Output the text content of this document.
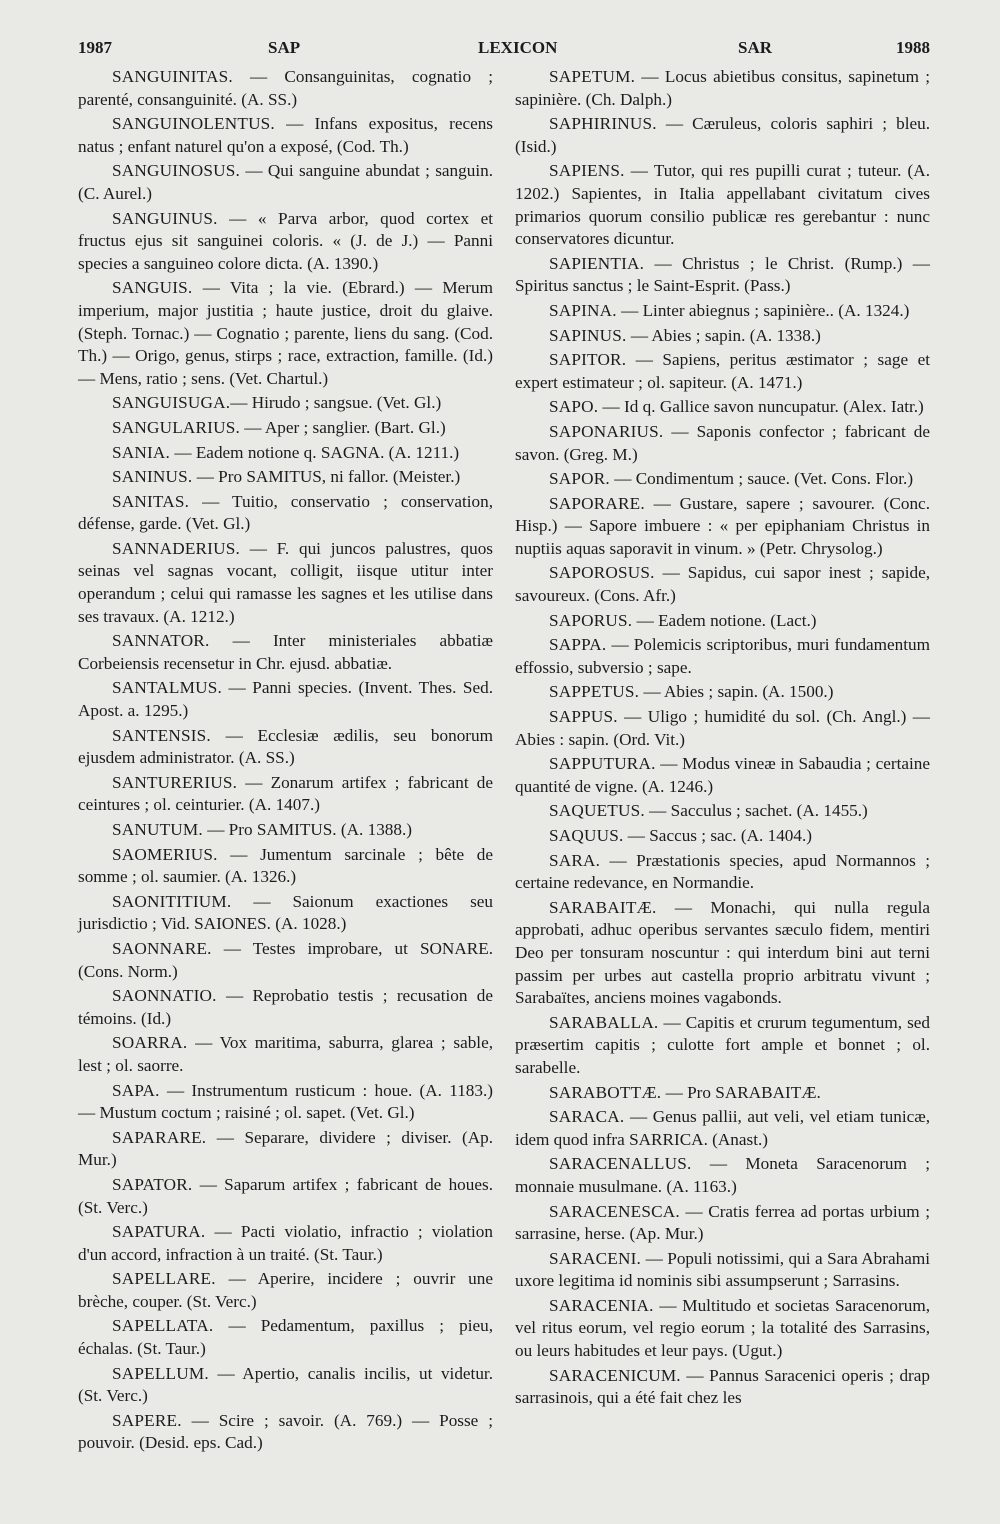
1987	SAP	LEXICON	SAR	1988

SANGUINITAS. — Consanguinitas, cognatio ; parenté, consanguinité. (A. SS.)

SANGUINOLENTUS. — Infans expositus, recens natus ; enfant naturel qu'on a exposé, (Cod. Th.)

SANGUINOSUS. — Qui sanguine abundat ; sanguin. (C. Aurel.)

SANGUINUS. — « Parva arbor, quod cortex et fructus ejus sit sanguinei coloris. « (J. de J.) — Panni species a sanguineo colore dicta. (A. 1390.)

SANGUIS. — Vita ; la vie. (Ebrard.) — Merum imperium, major justitia ; haute justice, droit du glaive. (Steph. Tornac.) — Cognatio ; parente, liens du sang. (Cod. Th.) — Origo, genus, stirps ; race, extraction, famille. (Id.) — Mens, ratio ; sens. (Vet. Chartul.)

SANGUISUGA.— Hirudo ; sangsue. (Vet. Gl.)

SANGULARIUS. — Aper ; sanglier. (Bart. Gl.)

SANIA. — Eadem notione q. SAGNA. (A. 1211.)

SANINUS. — Pro SAMITUS, ni fallor. (Meister.)

SANITAS. — Tuitio, conservatio ; conservation, défense, garde. (Vet. Gl.)

SANNADERIUS. — F. qui juncos palustres, quos seinas vel sagnas vocant, colligit, iisque utitur inter operandum ; celui qui ramasse les sagnes et les utilise dans ses travaux. (A. 1212.)

SANNATOR. — Inter ministeriales abbatiæ Corbeiensis recensetur in Chr. ejusd. abbatiæ.

SANTALMUS. — Panni species. (Invent. Thes. Sed. Apost. a. 1295.)

SANTENSIS. — Ecclesiæ ædilis, seu bonorum ejusdem administrator. (A. SS.)

SANTURERIUS. — Zonarum artifex ; fabricant de ceintures ; ol. ceinturier. (A. 1407.)

SANUTUM. — Pro SAMITUS. (A. 1388.)

SAOMERIUS. — Jumentum sarcinale ; bête de somme ; ol. saumier. (A. 1326.)

SAONITITIUM. — Saionum exactiones seu jurisdictio ; Vid. SAIONES. (A. 1028.)

SAONNARE. — Testes improbare, ut SONARE. (Cons. Norm.)

SAONNATIO. — Reprobatio testis ; recusation de témoins. (Id.)

SOARRA. — Vox maritima, saburra, glarea ; sable, lest ; ol. saorre.

SAPA. — Instrumentum rusticum : houe. (A. 1183.) — Mustum coctum ; raisiné ; ol. sapet. (Vet. Gl.)

SAPARARE. — Separare, dividere ; diviser. (Ap. Mur.)

SAPATOR. — Saparum artifex ; fabricant de houes. (St. Verc.)

SAPATURA. — Pacti violatio, infractio ; violation d'un accord, infraction à un traité. (St. Taur.)

SAPELLARE. — Aperire, incidere ; ouvrir une brèche, couper. (St. Verc.)

SAPELLATA. — Pedamentum, paxillus ; pieu, échalas. (St. Taur.)

SAPELLUM. — Apertio, canalis incilis, ut videtur. (St. Verc.)

SAPERE. — Scire ; savoir. (A. 769.) — Posse ; pouvoir. (Desid. eps. Cad.)

SAPETUM. — Locus abietibus consitus, sapinetum ; sapinière. (Ch. Dalph.)

SAPHIRINUS. — Cæruleus, coloris saphiri ; bleu. (Isid.)

SAPIENS. — Tutor, qui res pupilli curat ; tuteur. (A. 1202.) Sapientes, in Italia appellabant civitatum cives primarios quorum consilio publicæ res gerebantur : nunc conservatores dicuntur.

SAPIENTIA. — Christus ; le Christ. (Rump.) — Spiritus sanctus ; le Saint-Esprit. (Pass.)

SAPINA. — Linter abiegnus ; sapinière.. (A. 1324.)

SAPINUS. — Abies ; sapin. (A. 1338.)

SAPITOR. — Sapiens, peritus æstimator ; sage et expert estimateur ; ol. sapiteur. (A. 1471.)

SAPO. — Id q. Gallice savon nuncupatur. (Alex. Iatr.)

SAPONARIUS. — Saponis confector ; fabricant de savon. (Greg. M.)

SAPOR. — Condimentum ; sauce. (Vet. Cons. Flor.)

SAPORARE. — Gustare, sapere ; savourer. (Conc. Hisp.) — Sapore imbuere : « per epiphaniam Christus in nuptiis aquas saporavit in vinum. » (Petr. Chrysolog.)

SAPOROSUS. — Sapidus, cui sapor inest ; sapide, savoureux. (Cons. Afr.)

SAPORUS. — Eadem notione. (Lact.)

SAPPA. — Polemicis scriptoribus, muri fundamentum effossio, subversio ; sape.

SAPPETUS. — Abies ; sapin. (A. 1500.)

SAPPUS. — Uligo ; humidité du sol. (Ch. Angl.) — Abies : sapin. (Ord. Vit.)

SAPPUTURA. — Modus vineæ in Sabaudia ; certaine quantité de vigne. (A. 1246.)

SAQUETUS. — Sacculus ; sachet. (A. 1455.)

SAQUUS. — Saccus ; sac. (A. 1404.)

SARA. — Præstationis species, apud Normannos ; certaine redevance, en Normandie.

SARABAITÆ. — Monachi, qui nulla regula approbati, adhuc operibus servantes sæculo fidem, mentiri Deo per tonsuram noscuntur : qui interdum bini aut terni passim per urbes aut castella proprio arbitratu vivunt ; Sarabaïtes, anciens moines vagabonds.

SARABALLA. — Capitis et crurum tegumentum, sed præsertim capitis ; culotte fort ample et bonnet ; ol. sarabelle.

SARABOTTÆ. — Pro SARABAITÆ.

SARACA. — Genus pallii, aut veli, vel etiam tunicæ, idem quod infra SARRICA. (Anast.)

SARACENALLUS. — Moneta Saracenorum ; monnaie musulmane. (A. 1163.)

SARACENESCA. — Cratis ferrea ad portas urbium ; sarrasine, herse. (Ap. Mur.)

SARACENI. — Populi notissimi, qui a Sara Abrahami uxore legitima id nominis sibi assumpserunt ; Sarrasins.

SARACENIA. — Multitudo et societas Saracenorum, vel ritus eorum, vel regio eorum ; la totalité des Sarrasins, ou leurs habitudes et leur pays. (Ugut.)

SARACENICUM. — Pannus Saracenici operis ; drap sarrasinois, qui a été fait chez les
